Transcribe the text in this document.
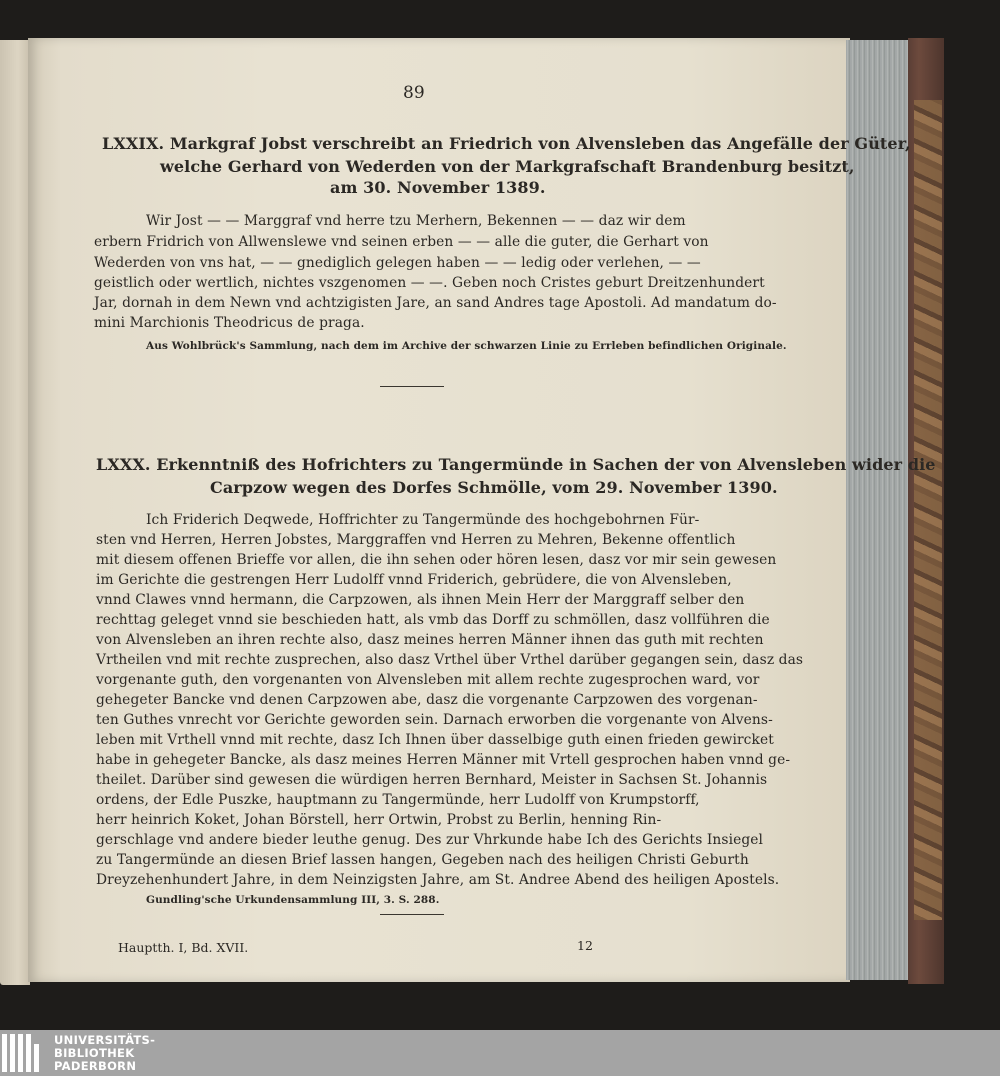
89
LXXIX. Markgraf Jobst verschreibt an Friedrich von Alvensleben das Angefälle der Güter,
welche Gerhard von Wederden von der Markgrafschaft Brandenburg besitzt,
am 30. November 1389.
Wir Jost — — Marggraf vnd herre tzu Merhern, Bekennen — — daz wir dem
erbern Fridrich von Allwenslewe vnd seinen erben — — alle die guter, die Gerhart von
Wederden von vns hat, — — gnediglich gelegen haben — — ledig oder verlehen, — —
geistlich oder wertlich, nichtes vszgenomen — —. Geben noch Cristes geburt Dreitzenhundert
Jar, dornah in dem Newn vnd achtzigisten Jare, an sand Andres tage Apostoli. Ad mandatum do-
mini Marchionis Theodricus de praga.
Aus Wohlbrück's Sammlung, nach dem im Archive der schwarzen Linie zu Errleben befindlichen Originale.
LXXX. Erkenntniß des Hofrichters zu Tangermünde in Sachen der von Alvensleben wider die
Carpzow wegen des Dorfes Schmölle, vom 29. November 1390.
Ich Friderich Deqwede, Hoffrichter zu Tangermünde des hochgebohrnen Für-
sten vnd Herren, Herren Jobstes, Marggraffen vnd Herren zu Mehren, Bekenne offentlich
mit diesem offenen Brieffe vor allen, die ihn sehen oder hören lesen, dasz vor mir sein gewesen
im Gerichte die gestrengen Herr Ludolff vnnd Friderich, gebrüdere, die von Alvensleben,
vnnd Clawes vnnd hermann, die Carpzowen, als ihnen Mein Herr der Marggraff selber den
rechttag geleget vnnd sie beschieden hatt, als vmb das Dorff zu schmöllen, dasz vollführen die
von Alvensleben an ihren rechte also, dasz meines herren Männer ihnen das guth mit rechten
Vrtheilen vnd mit rechte zusprechen, also dasz Vrthel über Vrthel darüber gegangen sein, dasz das
vorgenante guth, den vorgenanten von Alvensleben mit allem rechte zugesprochen ward, vor
gehegeter Bancke vnd denen Carpzowen abe, dasz die vorgenante Carpzowen des vorgenan-
ten Guthes vnrecht vor Gerichte geworden sein. Darnach erworben die vorgenante von Alvens-
leben mit Vrthell vnnd mit rechte, dasz Ich Ihnen über dasselbige guth einen frieden gewircket
habe in gehegeter Bancke, als dasz meines Herren Männer mit Vrtell gesprochen haben vnnd ge-
theilet. Darüber sind gewesen die würdigen herren Bernhard, Meister in Sachsen St. Johannis
ordens, der Edle Puszke, hauptmann zu Tangermünde, herr Ludolff von Krumpstorff,
herr heinrich Koket, Johan Börstell, herr Ortwin, Probst zu Berlin, henning Rin-
gerschlage vnd andere bieder leuthe genug. Des zur Vhrkunde habe Ich des Gerichts Insiegel
zu Tangermünde an diesen Brief lassen hangen, Gegeben nach des heiligen Christi Geburth
Dreyzehenhundert Jahre, in dem Neinzigsten Jahre, am St. Andree Abend des heiligen Apostels.
Gundling'sche Urkundensammlung III, 3. S. 288.
Hauptth. I, Bd. XVII.	12
UNIVERSITÄTS-
BIBLIOTHEK
PADERBORN
